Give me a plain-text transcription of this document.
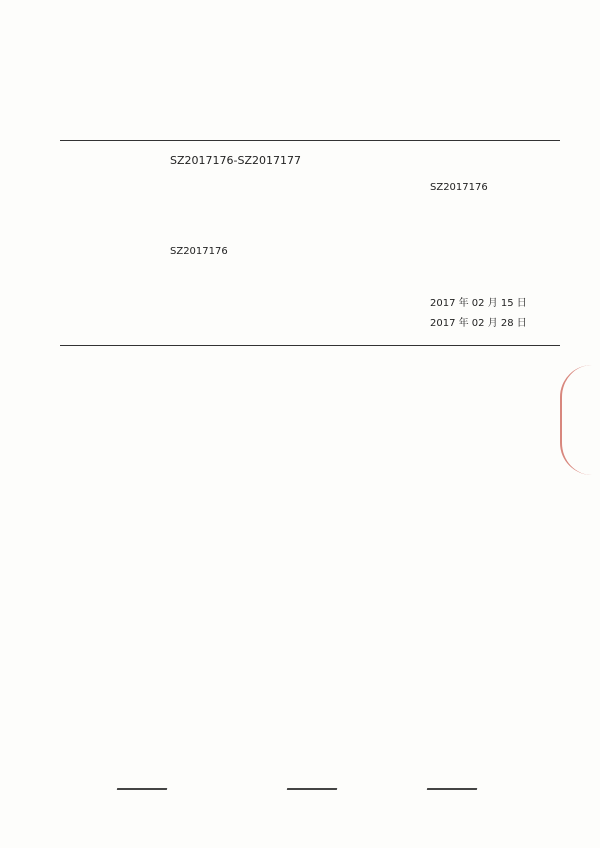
SZ2017176-SZ2017177
SZ2017176
SZ2017176
2017 年 02 月 15 日
2017 年 02 月 28 日
